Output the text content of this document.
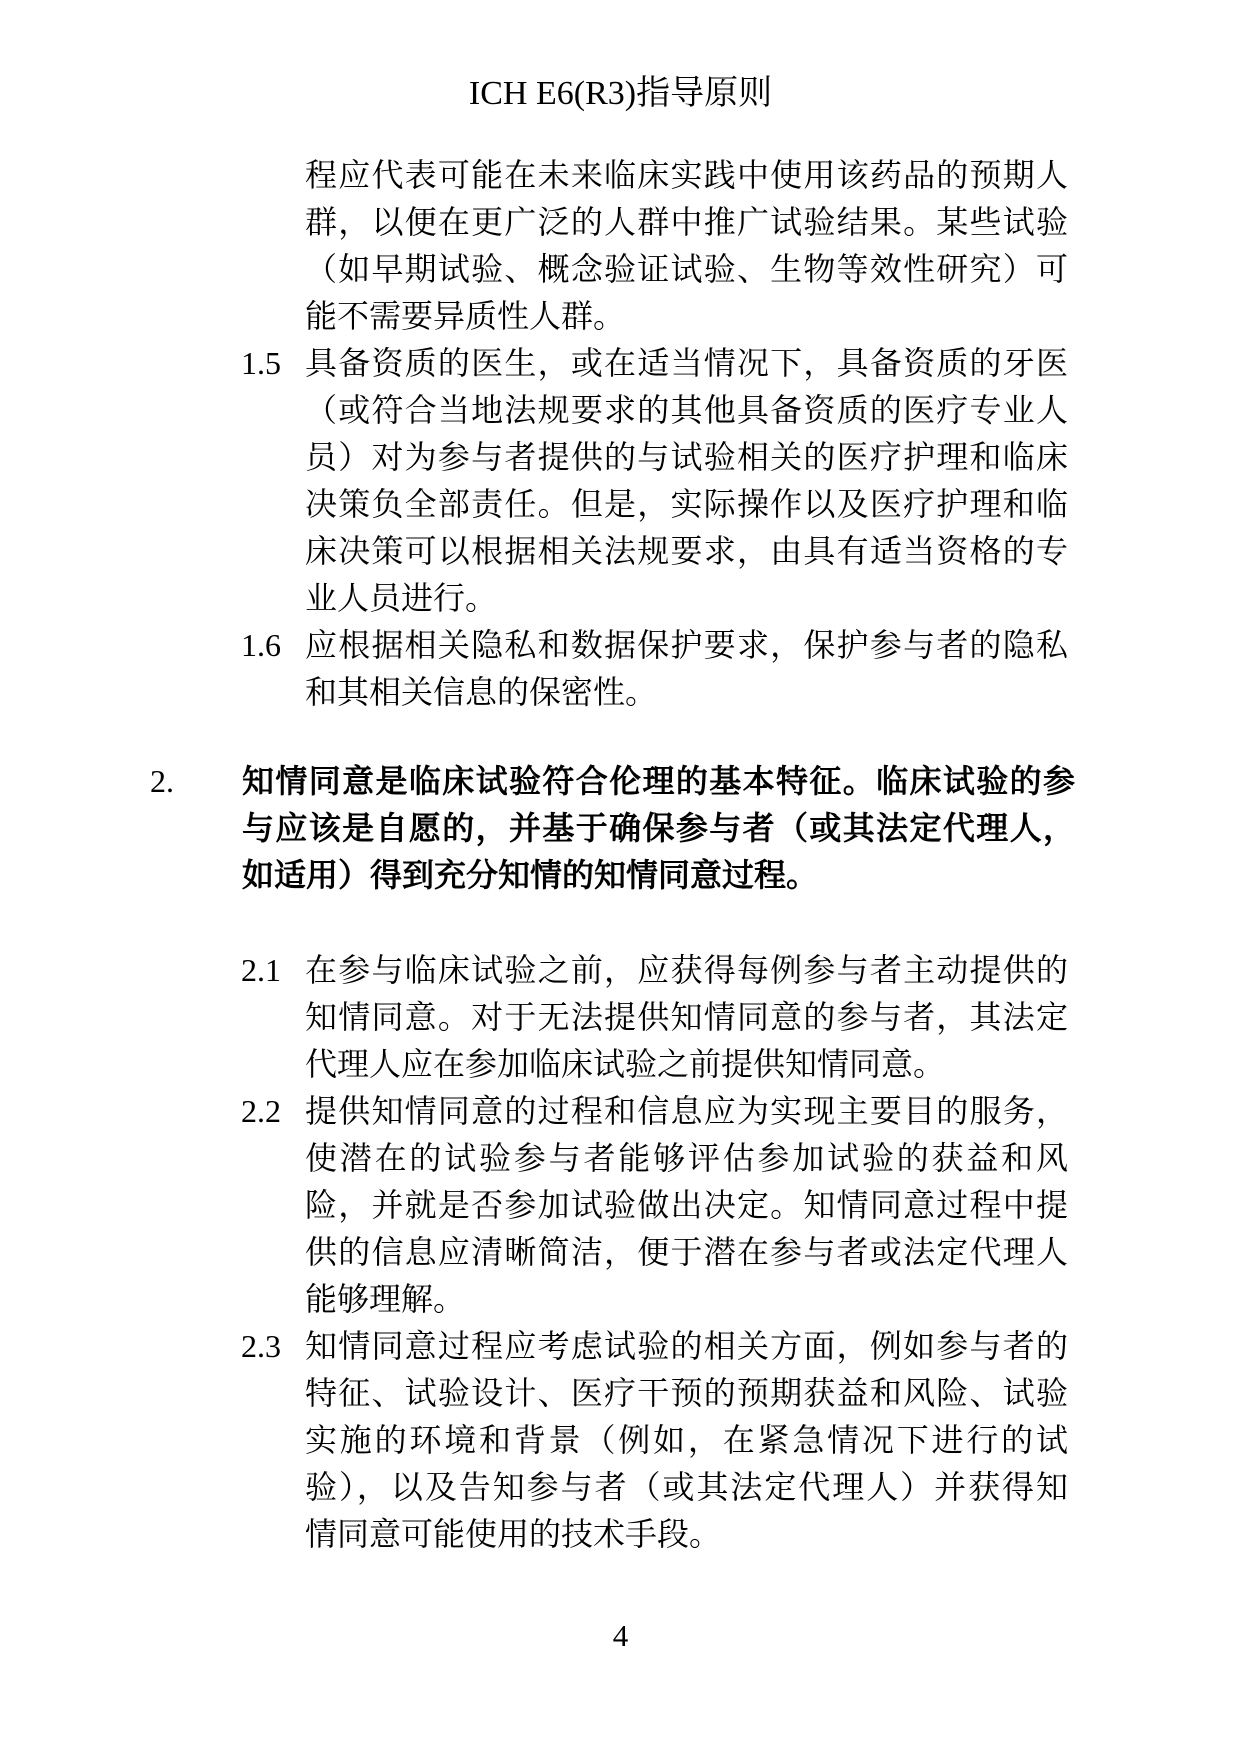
ICH E6(R3)指导原则
程应代表可能在未来临床实践中使用该药品的预期人
群，以便在更广泛的人群中推广试验结果。某些试验
（如早期试验、概念验证试验、生物等效性研究）可
能不需要异质性人群。
1.5 具备资质的医生，或在适当情况下，具备资质的牙医
（或符合当地法规要求的其他具备资质的医疗专业人
员）对为参与者提供的与试验相关的医疗护理和临床
决策负全部责任。但是，实际操作以及医疗护理和临
床决策可以根据相关法规要求，由具有适当资格的专
业人员进行。
1.6 应根据相关隐私和数据保护要求，保护参与者的隐私
和其相关信息的保密性。
2.	知情同意是临床试验符合伦理的基本特征。临床试验的参
与应该是自愿的，并基于确保参与者（或其法定代理人，
如适用）得到充分知情的知情同意过程。
2.1 在参与临床试验之前，应获得每例参与者主动提供的
知情同意。对于无法提供知情同意的参与者，其法定
代理人应在参加临床试验之前提供知情同意。
2.2 提供知情同意的过程和信息应为实现主要目的服务，
使潜在的试验参与者能够评估参加试验的获益和风
险，并就是否参加试验做出决定。知情同意过程中提
供的信息应清晰简洁，便于潜在参与者或法定代理人
能够理解。
2.3 知情同意过程应考虑试验的相关方面，例如参与者的
特征、试验设计、医疗干预的预期获益和风险、试验
实施的环境和背景（例如，在紧急情况下进行的试
验），以及告知参与者（或其法定代理人）并获得知
情同意可能使用的技术手段。
4
